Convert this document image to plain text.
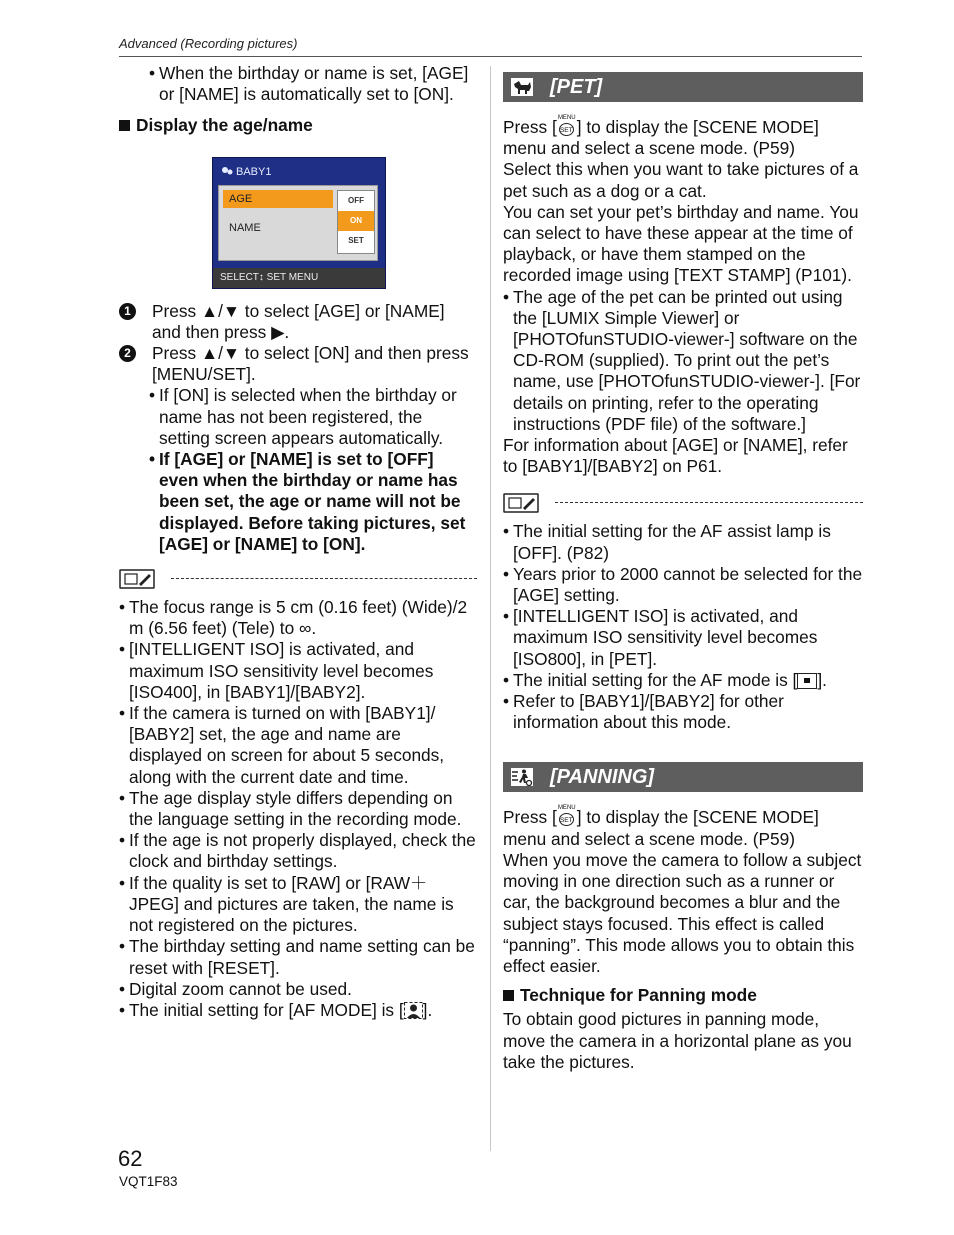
Advanced (Recording pictures)
• When the birthday or name is set, [AGE] or [NAME] is automatically set to [ON].
Display the age/name
BABY1
AGE
NAME
OFF
ON
SET
SELECT↕ SET MENU
1 Press ▲/▼ to select [AGE] or [NAME] and then press ▶.
2 Press ▲/▼ to select [ON] and then press [MENU/SET].
• If [ON] is selected when the birthday or name has not been registered, the setting screen appears automatically.
• If [AGE] or [NAME] is set to [OFF] even when the birthday or name has been set, the age or name will not be displayed. Before taking pictures, set [AGE] or [NAME] to [ON].
• The focus range is 5 cm (0.16 feet) (Wide)/2 m (6.56 feet) (Tele) to ∞.
• [INTELLIGENT ISO] is activated, and maximum ISO sensitivity level becomes [ISO400], in [BABY1]/[BABY2].
• If the camera is turned on with [BABY1]/ [BABY2] set, the age and name are displayed on screen for about 5 seconds, along with the current date and time.
• The age display style differs depending on the language setting in the recording mode.
• If the age is not properly displayed, check the clock and birthday settings.
• If the quality is set to [RAW] or [RAW＋JPEG] and pictures are taken, the name is not registered on the pictures.
• The birthday setting and name setting can be reset with [RESET].
• Digital zoom cannot be used.
• The initial setting for [AF MODE] is [ ].
[PET]
Press [ MENU
SET ] to display the [SCENE MODE] menu and select a scene mode. (P59)
Select this when you want to take pictures of a pet such as a dog or a cat.
You can set your pet’s birthday and name. You can select to have these appear at the time of playback, or have them stamped on the recorded image using [TEXT STAMP] (P101).
• The age of the pet can be printed out using the [LUMIX Simple Viewer] or [PHOTOfunSTUDIO-viewer-] software on the CD-ROM (supplied). To print out the pet’s name, use [PHOTOfunSTUDIO-viewer-]. [For details on printing, refer to the operating instructions (PDF file) of the software.]
For information about [AGE] or [NAME], refer to [BABY1]/[BABY2] on P61.
• The initial setting for the AF assist lamp is [OFF]. (P82)
• Years prior to 2000 cannot be selected for the [AGE] setting.
• [INTELLIGENT ISO] is activated, and maximum ISO sensitivity level becomes [ISO800], in [PET].
• The initial setting for the AF mode is [ ].
• Refer to [BABY1]/[BABY2] for other information about this mode.
[PANNING]
Press [ MENU
SET ] to display the [SCENE MODE] menu and select a scene mode. (P59)
When you move the camera to follow a subject moving in one direction such as a runner or car, the background becomes a blur and the subject stays focused. This effect is called “panning”. This mode allows you to obtain this effect easier.
Technique for Panning mode
To obtain good pictures in panning mode, move the camera in a horizontal plane as you take the pictures.
62
VQT1F83
